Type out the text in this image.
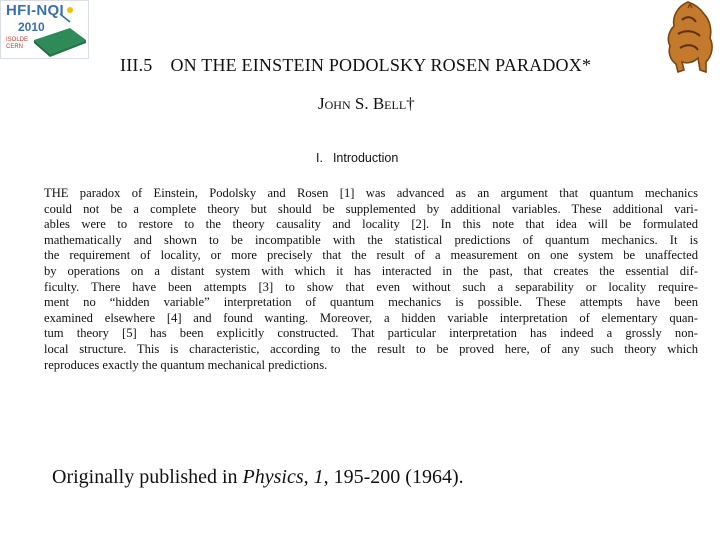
HFI-NQI
2010
ISOLDE
CERN
III.5 ON THE EINSTEIN PODOLSKY ROSEN PARADOX*
John S. Bell†
I. Introduction
THE paradox of Einstein, Podolsky and Rosen [1] was advanced as an argument that quantum mechanics
could not be a complete theory but should be supplemented by additional variables. These additional vari-
ables were to restore to the theory causality and locality [2]. In this note that idea will be formulated
mathematically and shown to be incompatible with the statistical predictions of quantum mechanics. It is
the requirement of locality, or more precisely that the result of a measurement on one system be unaffected
by operations on a distant system with which it has interacted in the past, that creates the essential dif-
ficulty. There have been attempts [3] to show that even without such a separability or locality require-
ment no “hidden variable” interpretation of quantum mechanics is possible. These attempts have been
examined elsewhere [4] and found wanting. Moreover, a hidden variable interpretation of elementary quan-
tum theory [5] has been explicitly constructed. That particular interpretation has indeed a grossly non-
local structure. This is characteristic, according to the result to be proved here, of any such theory which
reproduces exactly the quantum mechanical predictions.
Originally published in Physics, 1, 195-200 (1964).
